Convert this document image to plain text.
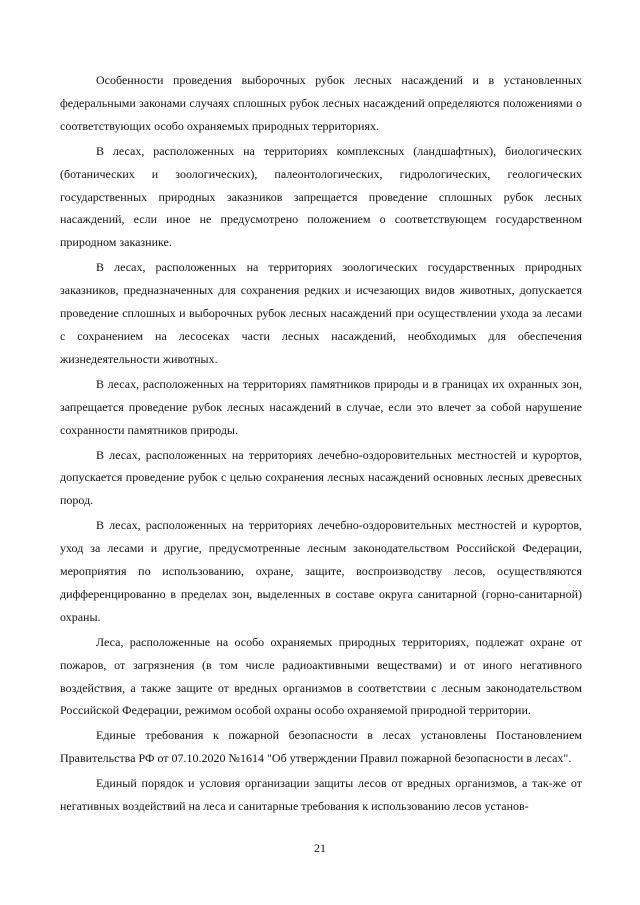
Особенности проведения выборочных рубок лесных насаждений и в установленных федеральными законами случаях сплошных рубок лесных насаждений определяются положениями о соответствующих особо охраняемых природных территориях.

В лесах, расположенных на территориях комплексных (ландшафтных), биологических (ботанических и зоологических), палеонтологических, гидрологических, геологических государственных природных заказников запрещается проведение сплошных рубок лесных насаждений, если иное не предусмотрено положением о соответствующем государственном природном заказнике.

В лесах, расположенных на территориях зоологических государственных природных заказников, предназначенных для сохранения редких и исчезающих видов животных, допускается проведение сплошных и выборочных рубок лесных насаждений при осуществлении ухода за лесами с сохранением на лесосеках части лесных насаждений, необходимых для обеспечения жизнедеятельности животных.

В лесах, расположенных на территориях памятников природы и в границах их охранных зон, запрещается проведение рубок лесных насаждений в случае, если это влечет за собой нарушение сохранности памятников природы.

В лесах, расположенных на территориях лечебно-оздоровительных местностей и курортов, допускается проведение рубок с целью сохранения лесных насаждений основных лесных древесных пород.

В лесах, расположенных на территориях лечебно-оздоровительных местностей и курортов, уход за лесами и другие, предусмотренные лесным законодательством Российской Федерации, мероприятия по использованию, охране, защите, воспроизводству лесов, осуществляются дифференцированно в пределах зон, выделенных в составе округа санитарной (горно-санитарной) охраны.

Леса, расположенные на особо охраняемых природных территориях, подлежат охране от пожаров, от загрязнения (в том числе радиоактивными веществами) и от иного негативного воздействия, а также защите от вредных организмов в соответствии с лесным законодательством Российской Федерации, режимом особой охраны особо охраняемой природной территории.

Единые требования к пожарной безопасности в лесах установлены Постановлением Правительства РФ от 07.10.2020 №1614 "Об утверждении Правил пожарной безопасности в лесах".

Единый порядок и условия организации защиты лесов от вредных организмов, а так-же от негативных воздействий на леса и санитарные требования к использованию лесов установ-

21
